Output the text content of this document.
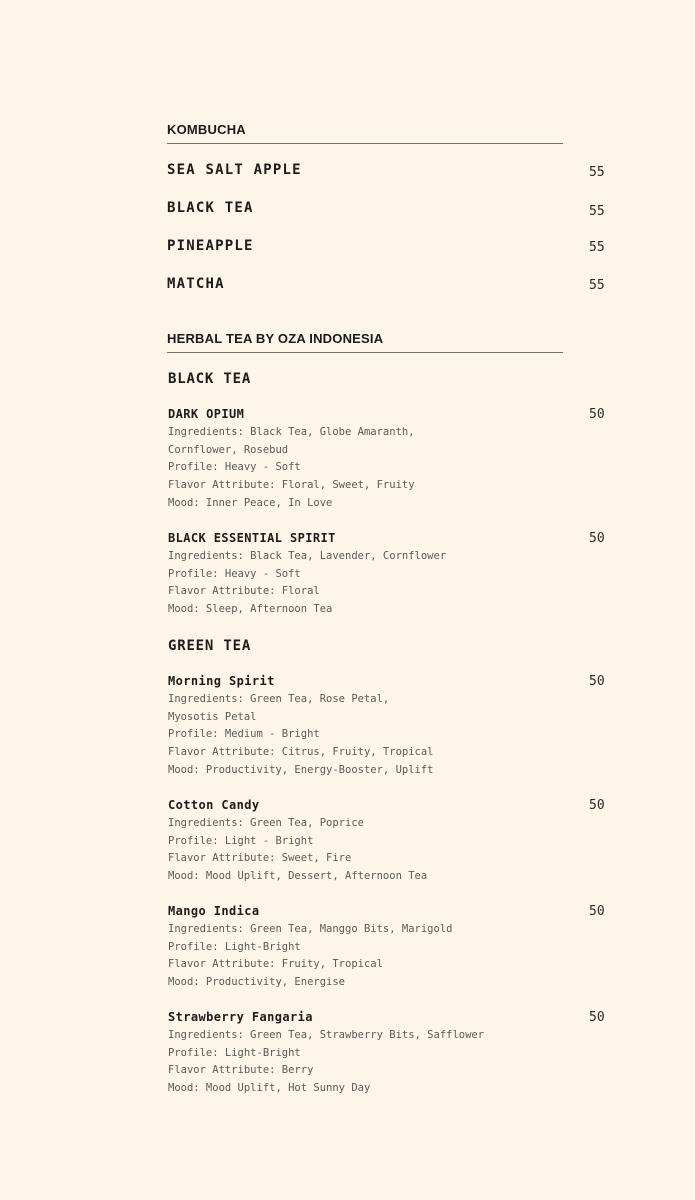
KOMBUCHA
SEA SALT APPLE	55
BLACK TEA	55
PINEAPPLE	55
MATCHA	55
HERBAL TEA BY OZA INDONESIA
BLACK TEA
DARK OPIUM	50
Ingredients: Black Tea, Globe Amaranth,
Cornflower, Rosebud
Profile: Heavy - Soft
Flavor Attribute: Floral, Sweet, Fruity
Mood: Inner Peace, In Love
BLACK ESSENTIAL SPIRIT	50
Ingredients: Black Tea, Lavender, Cornflower
Profile: Heavy - Soft
Flavor Attribute: Floral
Mood: Sleep, Afternoon Tea
GREEN TEA
Morning Spirit	50
Ingredients: Green Tea, Rose Petal,
Myosotis Petal
Profile: Medium - Bright
Flavor Attribute: Citrus, Fruity, Tropical
Mood: Productivity, Energy-Booster, Uplift
Cotton Candy	50
Ingredients: Green Tea, Poprice
Profile: Light - Bright
Flavor Attribute: Sweet, Fire
Mood: Mood Uplift, Dessert, Afternoon Tea
Mango Indica	50
Ingredients: Green Tea, Manggo Bits, Marigold
Profile: Light-Bright
Flavor Attribute: Fruity, Tropical
Mood: Productivity, Energise
Strawberry Fangaria	50
Ingredients: Green Tea, Strawberry Bits, Safflower
Profile: Light-Bright
Flavor Attribute: Berry
Mood: Mood Uplift, Hot Sunny Day
